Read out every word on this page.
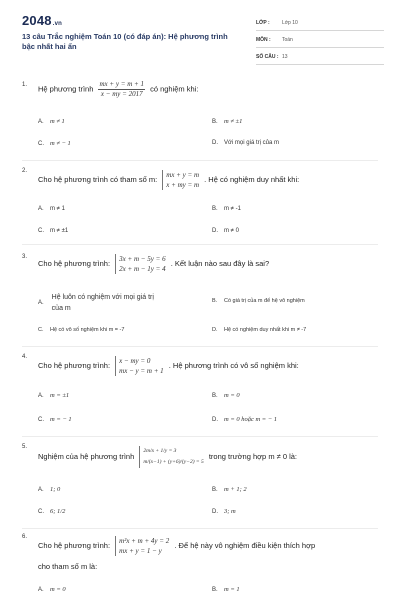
2048.vn
13 câu Trắc nghiệm Toán 10 (có đáp án): Hệ phương trình bậc nhất hai ẩn
LỚP :	Lớp 10
MÔN :	Toán
SỐ CÂU : 13
1. Hệ phương trình $\frac{mx + y = m + 1}{x - my = 2017}$ có nghiệm khi:
A. m ≠ 1	B. m ≠ ±1
C. m ≠ − 1	D. Với mọi giá trị của m
2.
Cho hệ phương trình có tham số m: mx + y = m
x + my = m
. Hệ có nghiệm duy nhất khi:
A. m ≠ 1	B. m ≠ -1
C. m ≠ ±1	D. m ≠ 0
3.
Cho hệ phương trình: 3x + m − 5y = 6
2x + m − 1y = 4
. Kết luận nào sau đây là sai?
A.
Hệ luôn có nghiệm với mọi giá trị
của m
B. Có giá trị của m để hệ vô nghiệm
C. Hệ có vô số nghiệm khi m = -7	D. Hệ có nghiệm duy nhất khi m ≠ -7
4.
Cho hệ phương trình: x − my = 0
mx − y = m + 1
. Hệ phương trình có vô số nghiệm khi:
A. m = ±1	B. m = 0
C. m = − 1	D. m = 0 hoặc m = − 1
5.
Nghiệm của hệ phương trình
2m/x + 1/y = 3
m/(x−1) + (y+6)/(y−2) = 5
trong trường hợp m ≠ 0 là:
A. 1; 0	B. m + 1; 2
C. 6; 1/2	D. 3; m
6.
Cho hệ phương trình: m²x + m + 4y = 2
mx + y = 1 − y
. Để hệ này vô nghiệm điều kiện thích hợp
cho tham số m là:
A. m = 0	B. m = 1
